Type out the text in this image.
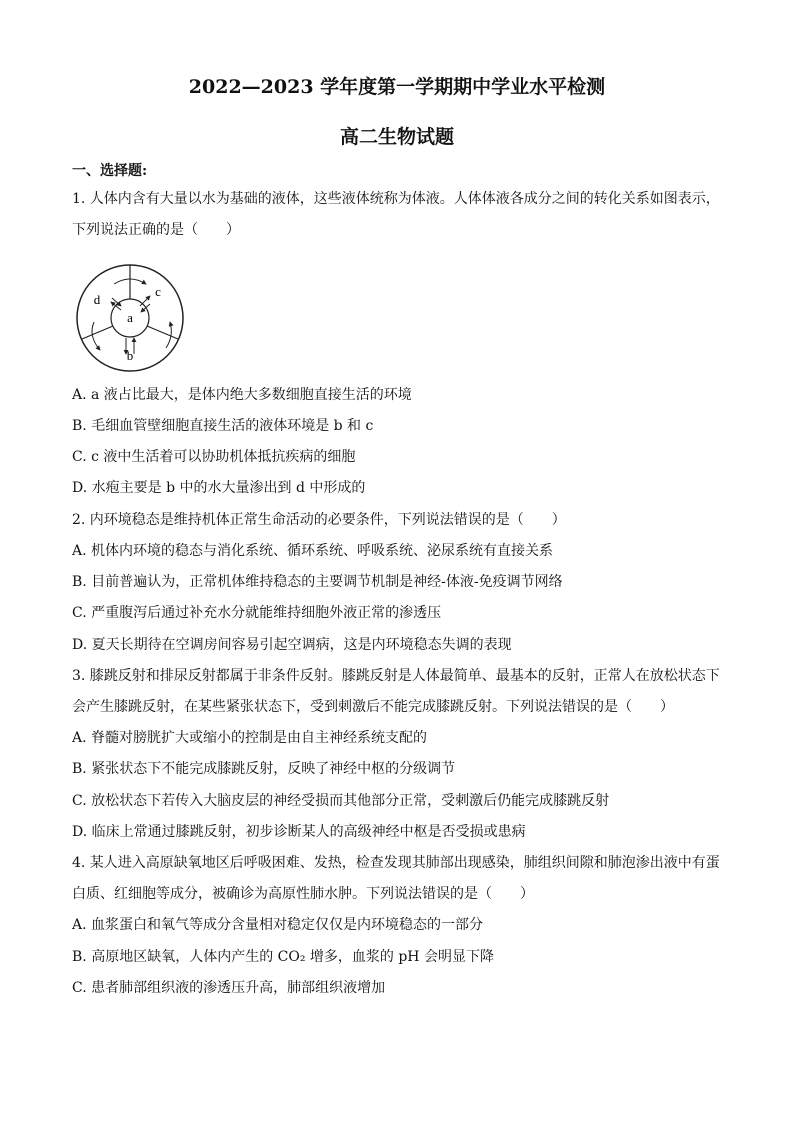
2022—2023 学年度第一学期期中学业水平检测
高二生物试题
一、选择题:
1. 人体内含有大量以水为基础的液体，这些液体统称为体液。人体体液各成分之间的转化关系如图表示，
下列说法正确的是（　　）
a
b
c
d
A. a 液占比最大，是体内绝大多数细胞直接生活的环境
B. 毛细血管壁细胞直接生活的液体环境是 b 和 c
C. c 液中生活着可以协助机体抵抗疾病的细胞
D. 水疱主要是 b 中的水大量渗出到 d 中形成的
2. 内环境稳态是维持机体正常生命活动的必要条件，下列说法错误的是（　　）
A. 机体内环境的稳态与消化系统、循环系统、呼吸系统、泌尿系统有直接关系
B. 目前普遍认为，正常机体维持稳态的主要调节机制是神经-体液-免疫调节网络
C. 严重腹泻后通过补充水分就能维持细胞外液正常的渗透压
D. 夏天长期待在空调房间容易引起空调病，这是内环境稳态失调的表现
3. 膝跳反射和排尿反射都属于非条件反射。膝跳反射是人体最简单、最基本的反射，正常人在放松状态下
会产生膝跳反射，在某些紧张状态下，受到刺激后不能完成膝跳反射。下列说法错误的是（　　）
A. 脊髓对膀胱扩大或缩小的控制是由自主神经系统支配的
B. 紧张状态下不能完成膝跳反射，反映了神经中枢的分级调节
C. 放松状态下若传入大脑皮层的神经受损而其他部分正常，受刺激后仍能完成膝跳反射
D. 临床上常通过膝跳反射，初步诊断某人的高级神经中枢是否受损或患病
4. 某人进入高原缺氧地区后呼吸困难、发热，检查发现其肺部出现感染，肺组织间隙和肺泡渗出液中有蛋
白质、红细胞等成分，被确诊为高原性肺水肿。下列说法错误的是（　　）
A. 血浆蛋白和氧气等成分含量相对稳定仅仅是内环境稳态的一部分
B. 高原地区缺氧，人体内产生的 CO₂ 增多，血浆的 pH 会明显下降
C. 患者肺部组织液的渗透压升高，肺部组织液增加
